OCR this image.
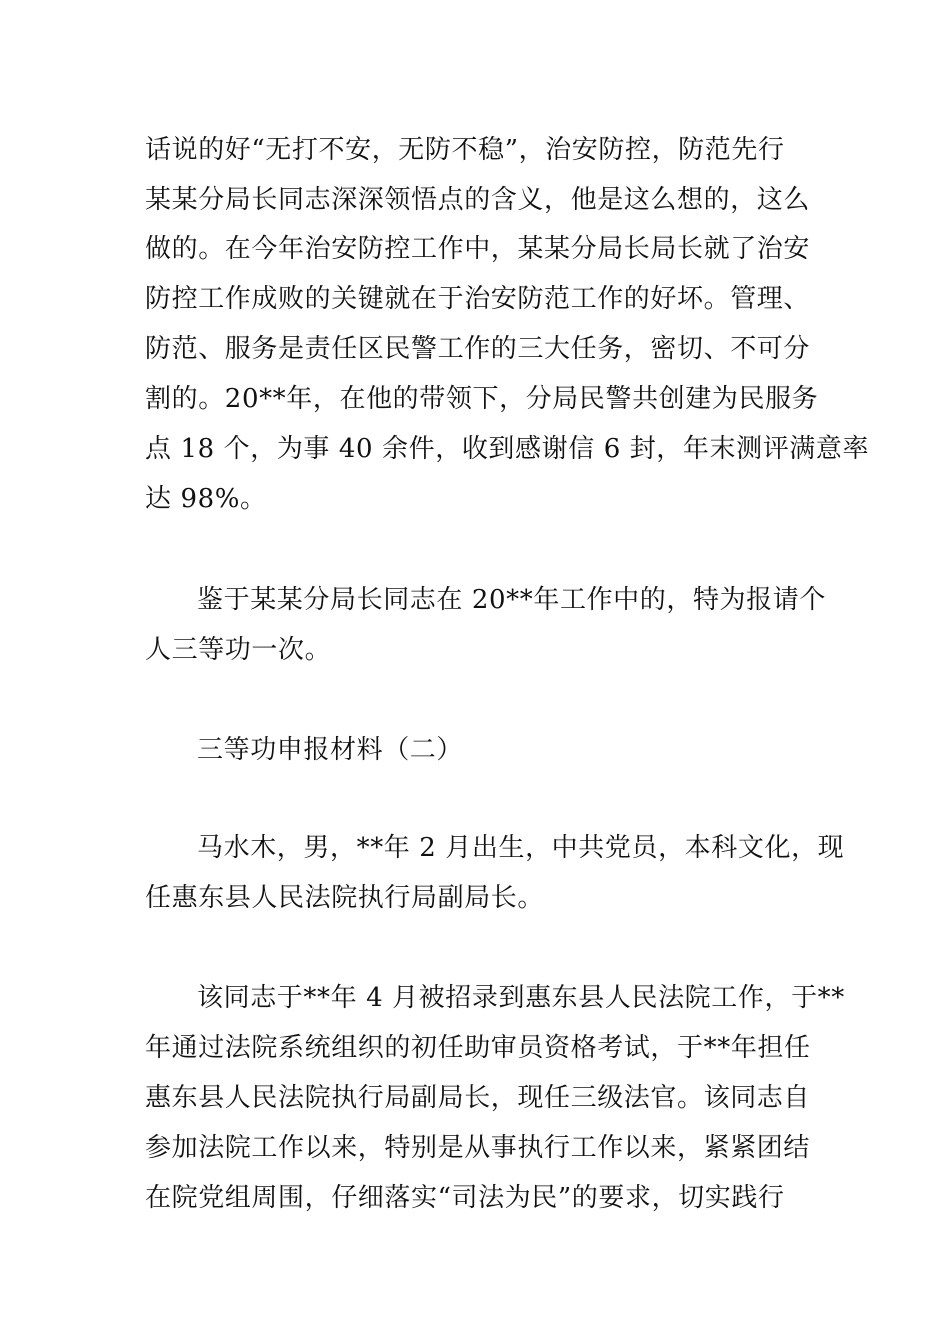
话说的好“无打不安，无防不稳”，治安防控，防范先行
某某分局长同志深深领悟点的含义，他是这么想的，这么
做的。在今年治安防控工作中，某某分局长局长就了治安
防控工作成败的关键就在于治安防范工作的好坏。管理、
防范、服务是责任区民警工作的三大任务，密切、不可分
割的。20**年，在他的带领下，分局民警共创建为民服务
点 18 个，为事 40 余件，收到感谢信 6 封，年末测评满意率
达 98%。
鉴于某某分局长同志在 20**年工作中的，特为报请个
人三等功一次。
三等功申报材料（二）
马水木，男，**年 2 月出生，中共党员，本科文化，现
任惠东县人民法院执行局副局长。
该同志于**年 4 月被招录到惠东县人民法院工作，于**
年通过法院系统组织的初任助审员资格考试，于**年担任
惠东县人民法院执行局副局长，现任三级法官。该同志自
参加法院工作以来，特别是从事执行工作以来，紧紧团结
在院党组周围，仔细落实“司法为民”的要求，切实践行
